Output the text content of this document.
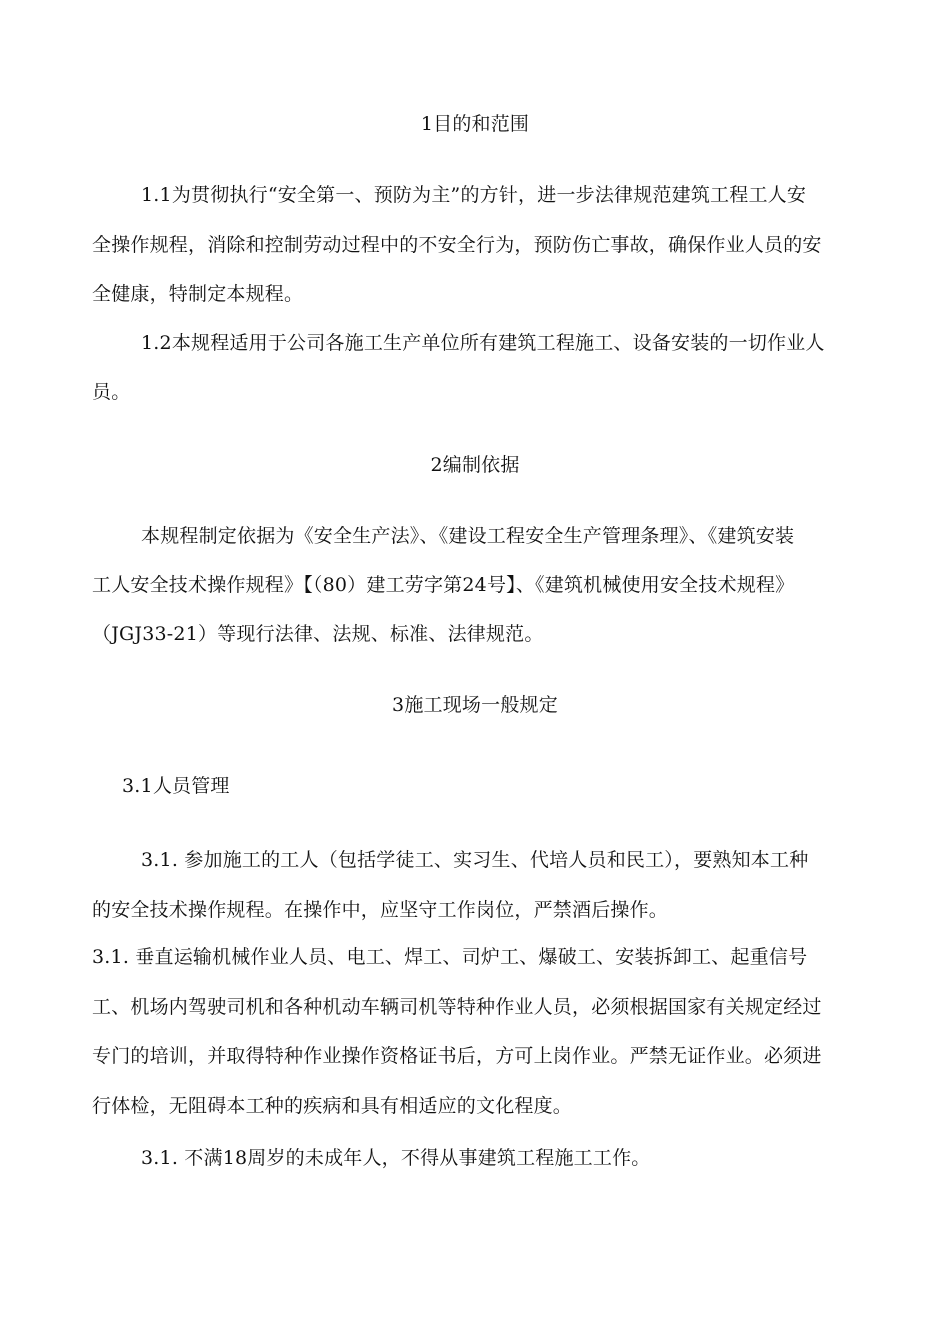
1目的和范围
1.1为贯彻执行“安全第一、预防为主”的方针，进一步法律规范建筑工程工人安
全操作规程，消除和控制劳动过程中的不安全行为，预防伤亡事故，确保作业人员的安
全健康，特制定本规程。
1.2本规程适用于公司各施工生产单位所有建筑工程施工、设备安装的一切作业人
员。
2编制依据
本规程制定依据为《安全生产法》、《建设工程安全生产管理条理》、《建筑安装
工人安全技术操作规程》【（80）建工劳字第24号】、《建筑机械使用安全技术规程》
（JGJ33-21）等现行法律、法规、标准、法律规范。
3施工现场一般规定
3.1人员管理
3.1. 参加施工的工人（包括学徒工、实习生、代培人员和民工），要熟知本工种
的安全技术操作规程。在操作中，应坚守工作岗位，严禁酒后操作。
3.1. 垂直运输机械作业人员、电工、焊工、司炉工、爆破工、安装拆卸工、起重信号
工、机场内驾驶司机和各种机动车辆司机等特种作业人员，必须根据国家有关规定经过
专门的培训，并取得特种作业操作资格证书后，方可上岗作业。严禁无证作业。必须进
行体检，无阻碍本工种的疾病和具有相适应的文化程度。
3.1. 不满18周岁的未成年人，不得从事建筑工程施工工作。
